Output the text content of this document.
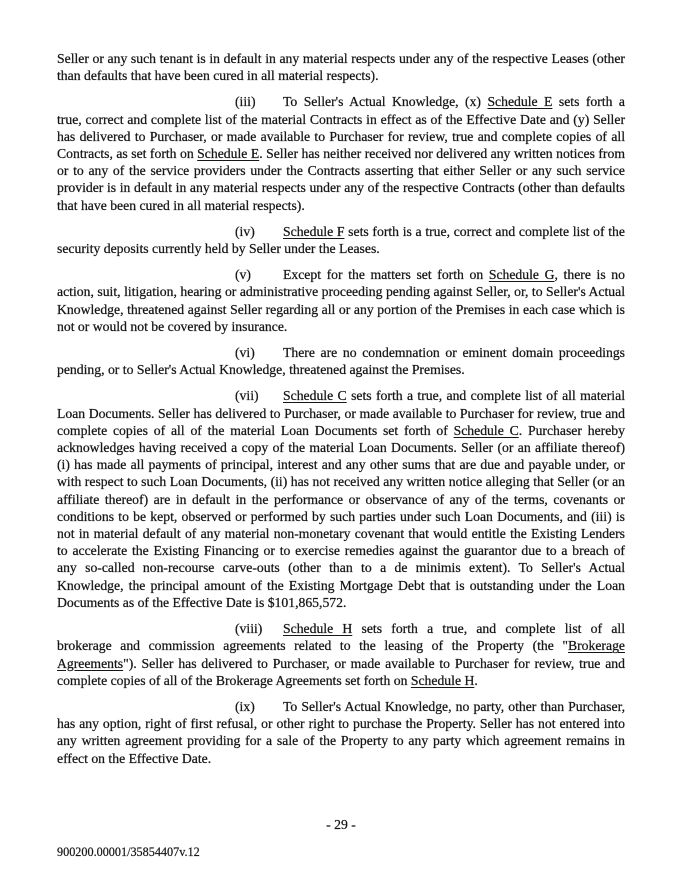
Seller or any such tenant is in default in any material respects under any of the respective Leases (other than defaults that have been cured in all material respects).

(iii) To Seller's Actual Knowledge, (x) Schedule E sets forth a true, correct and complete list of the material Contracts in effect as of the Effective Date and (y) Seller has delivered to Purchaser, or made available to Purchaser for review, true and complete copies of all Contracts, as set forth on Schedule E. Seller has neither received nor delivered any written notices from or to any of the service providers under the Contracts asserting that either Seller or any such service provider is in default in any material respects under any of the respective Contracts (other than defaults that have been cured in all material respects).

(iv) Schedule F sets forth is a true, correct and complete list of the security deposits currently held by Seller under the Leases.

(v) Except for the matters set forth on Schedule G, there is no action, suit, litigation, hearing or administrative proceeding pending against Seller, or, to Seller's Actual Knowledge, threatened against Seller regarding all or any portion of the Premises in each case which is not or would not be covered by insurance.

(vi) There are no condemnation or eminent domain proceedings pending, or to Seller's Actual Knowledge, threatened against the Premises.

(vii) Schedule C sets forth a true, and complete list of all material Loan Documents. Seller has delivered to Purchaser, or made available to Purchaser for review, true and complete copies of all of the material Loan Documents set forth of Schedule C. Purchaser hereby acknowledges having received a copy of the material Loan Documents. Seller (or an affiliate thereof) (i) has made all payments of principal, interest and any other sums that are due and payable under, or with respect to such Loan Documents, (ii) has not received any written notice alleging that Seller (or an affiliate thereof) are in default in the performance or observance of any of the terms, covenants or conditions to be kept, observed or performed by such parties under such Loan Documents, and (iii) is not in material default of any material non-monetary covenant that would entitle the Existing Lenders to accelerate the Existing Financing or to exercise remedies against the guarantor due to a breach of any so-called non-recourse carve-outs (other than to a de minimis extent). To Seller's Actual Knowledge, the principal amount of the Existing Mortgage Debt that is outstanding under the Loan Documents as of the Effective Date is $101,865,572.

(viii) Schedule H sets forth a true, and complete list of all brokerage and commission agreements related to the leasing of the Property (the "Brokerage Agreements"). Seller has delivered to Purchaser, or made available to Purchaser for review, true and complete copies of all of the Brokerage Agreements set forth on Schedule H.

(ix) To Seller's Actual Knowledge, no party, other than Purchaser, has any option, right of first refusal, or other right to purchase the Property. Seller has not entered into any written agreement providing for a sale of the Property to any party which agreement remains in effect on the Effective Date.

- 29 -
900200.00001/35854407v.12
